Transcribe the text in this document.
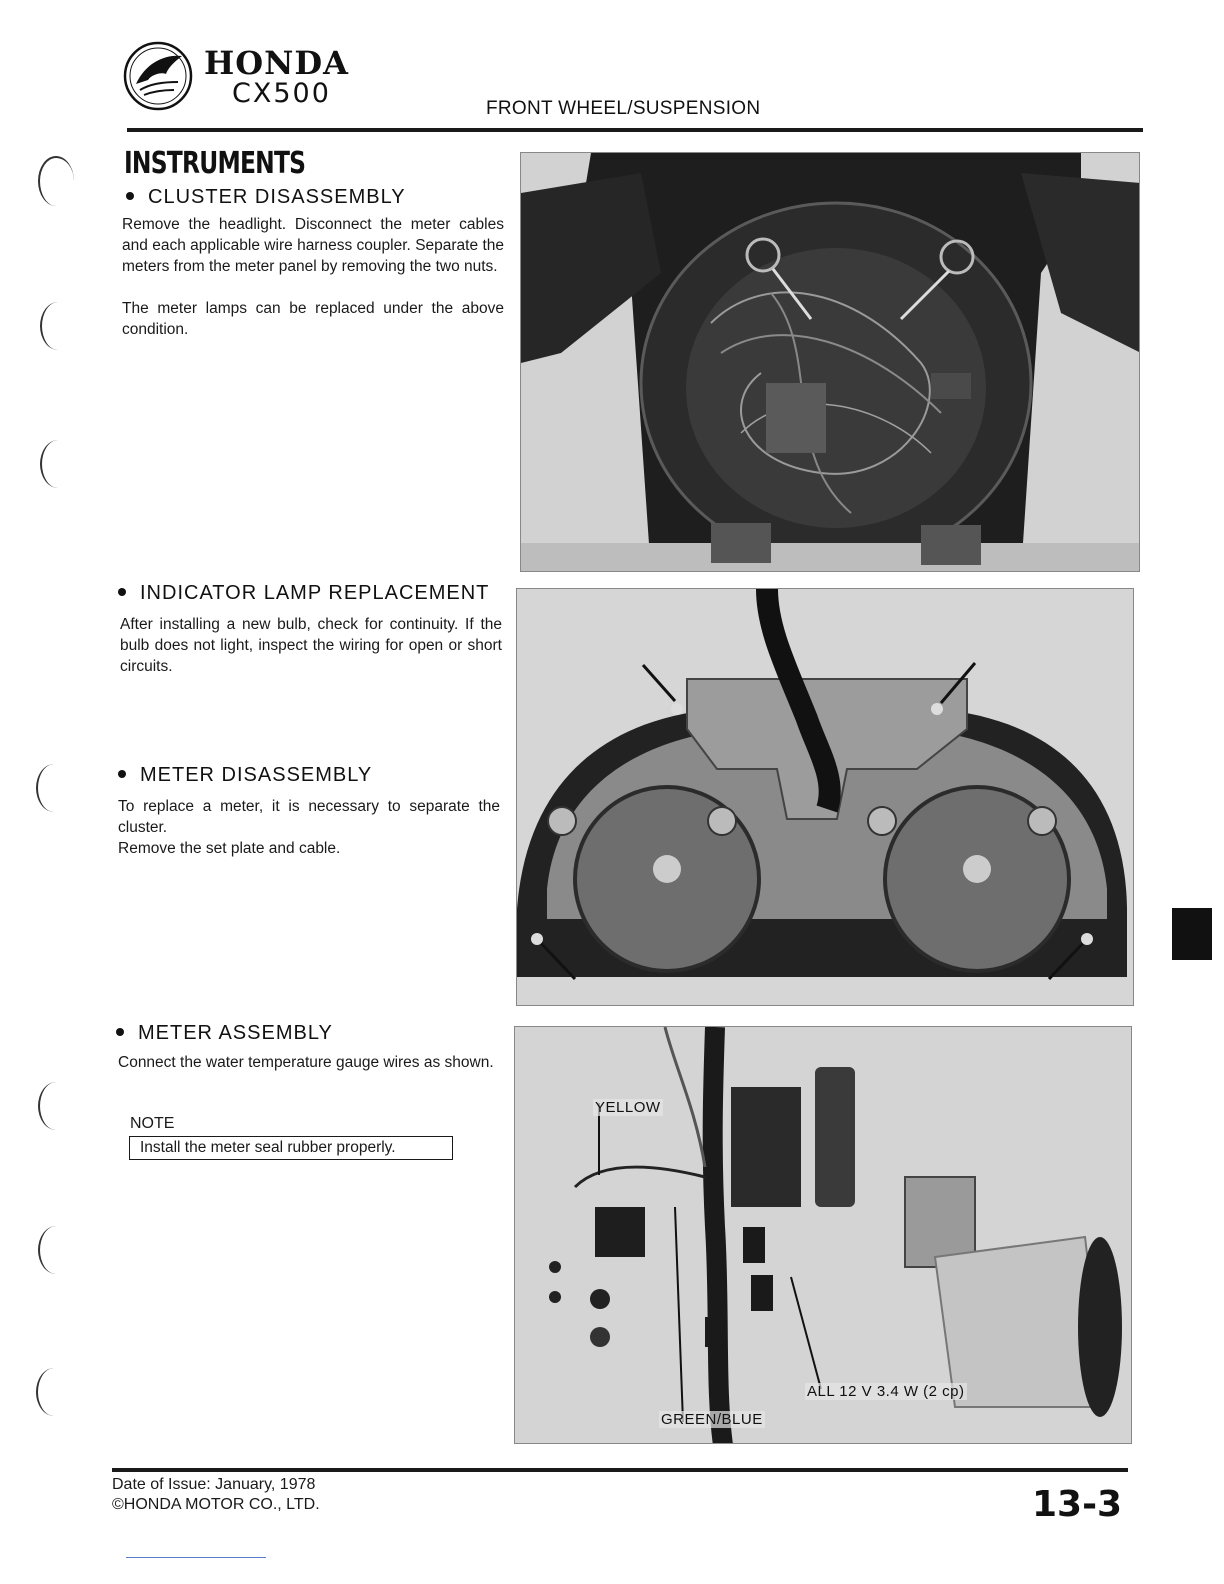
HONDA
CX500	FRONT WHEEL/SUSPENSION
INSTRUMENTS
CLUSTER DISASSEMBLY
Remove the headlight. Disconnect the meter cables and each applicable wire harness coupler. Separate the meters from the meter panel by removing the two nuts.
The meter lamps can be replaced under the above condition.
INDICATOR LAMP REPLACEMENT
After installing a new bulb, check for continuity. If the bulb does not light, inspect the wiring for open or short circuits.
METER DISASSEMBLY
To replace a meter, it is necessary to separate the cluster.
Remove the set plate and cable.
METER ASSEMBLY
Connect the water temperature gauge wires as shown.
NOTE
Install the meter seal rubber properly.
YELLOW
ALL 12 V 3.4 W (2 cp)
GREEN/BLUE
Date of Issue: January, 1978
©HONDA MOTOR CO., LTD.	13-3
